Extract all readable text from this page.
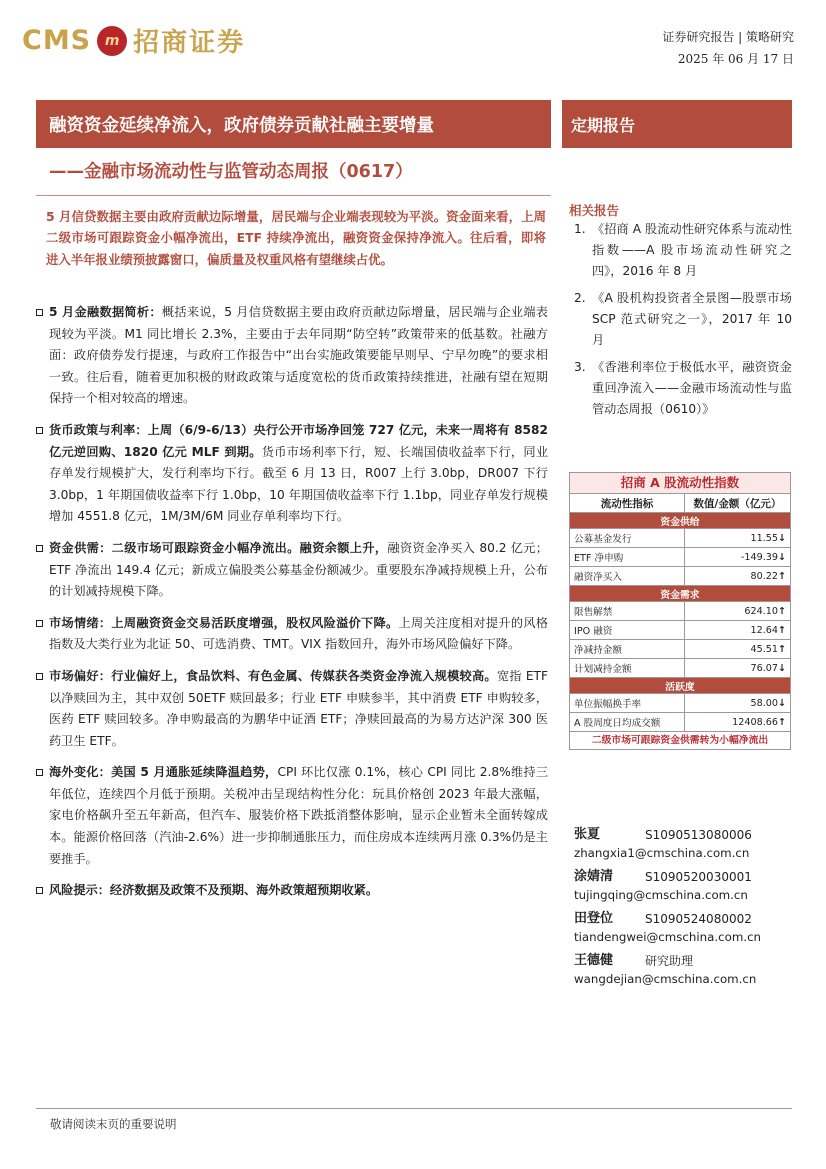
CMS m 招商证券	证券研究报告 | 策略研究
2025 年 06 月 17 日
融资资金延续净流入，政府债券贡献社融主要增量	定期报告
——金融市场流动性与监管动态周报（0617）
5 月信贷数据主要由政府贡献边际增量，居民端与企业端表现较为平淡。资金面来看，上周二级市场可跟踪资金小幅净流出，ETF 持续净流出，融资资金保持净流入。往后看，即将进入半年报业绩预披露窗口，偏质量及权重风格有望继续占优。
5 月金融数据简析：概括来说，5 月信贷数据主要由政府贡献边际增量，居民端与企业端表现较为平淡。M1 同比增长 2.3%，主要由于去年同期“防空转”政策带来的低基数。社融方面：政府债券发行提速，与政府工作报告中“出台实施政策要能早则早、宁早勿晚”的要求相一致。往后看，随着更加积极的财政政策与适度宽松的货币政策持续推进，社融有望在短期保持一个相对较高的增速。
货币政策与利率：上周（6/9-6/13）央行公开市场净回笼 727 亿元，未来一周将有 8582 亿元逆回购、1820 亿元 MLF 到期。货币市场利率下行，短、长端国债收益率下行，同业存单发行规模扩大，发行利率均下行。截至 6 月 13 日，R007 上行 3.0bp，DR007 下行 3.0bp，1 年期国债收益率下行 1.0bp，10 年期国债收益率下行 1.1bp，同业存单发行规模增加 4551.8 亿元，1M/3M/6M 同业存单利率均下行。
资金供需：二级市场可跟踪资金小幅净流出。融资余额上升，融资资金净买入 80.2 亿元；ETF 净流出 149.4 亿元；新成立偏股类公募基金份额减少。重要股东净减持规模上升，公布的计划减持规模下降。
市场情绪：上周融资资金交易活跃度增强，股权风险溢价下降。上周关注度相对提升的风格指数及大类行业为北证 50、可选消费、TMT。VIX 指数回升，海外市场风险偏好下降。
市场偏好：行业偏好上，食品饮料、有色金属、传媒获各类资金净流入规模较高。宽指 ETF 以净赎回为主，其中双创 50ETF 赎回最多；行业 ETF 申赎参半，其中消费 ETF 申购较多，医药 ETF 赎回较多。净申购最高的为鹏华中证酒 ETF；净赎回最高的为易方达沪深 300 医药卫生 ETF。
海外变化：美国 5 月通胀延续降温趋势，CPI 环比仅涨 0.1%，核心 CPI 同比 2.8%维持三年低位，连续四个月低于预期。关税冲击呈现结构性分化：玩具价格创 2023 年最大涨幅，家电价格飙升至五年新高，但汽车、服装价格下跌抵消整体影响，显示企业暂未全面转嫁成本。能源价格回落（汽油-2.6%）进一步抑制通胀压力，而住房成本连续两月涨 0.3%仍是主要推手。
风险提示：经济数据及政策不及预期、海外政策超预期收紧。
相关报告
1. 《招商 A 股流动性研究体系与流动性指数——A 股市场流动性研究之四》，2016 年 8 月
2. 《A 股机构投资者全景图—股票市场 SCP 范式研究之一》，2017 年 10 月
3. 《香港利率位于极低水平，融资资金重回净流入——金融市场流动性与监管动态周报（0610）》
招商 A 股流动性指数
流动性指标	数值/金额（亿元）
资金供给	
公募基金发行	11.55↓
ETF 净申购	-149.39↓
融资净买入	80.22↑
资金需求	
限售解禁	624.10↑
IPO 融资	12.64↑
净减持金额	45.51↑
计划减持金额	76.07↓
活跃度	
单位振幅换手率	58.00↓
A 股周度日均成交额	12408.66↑
二级市场可跟踪资金供需转为小幅净流出
张夏	S1090513080006
zhangxia1@cmschina.com.cn
涂婧清	S1090520030001
tujingqing@cmschina.com.cn
田登位	S1090524080002
tiandengwei@cmschina.com.cn
王德健	研究助理
wangdejian@cmschina.com.cn
敬请阅读末页的重要说明
